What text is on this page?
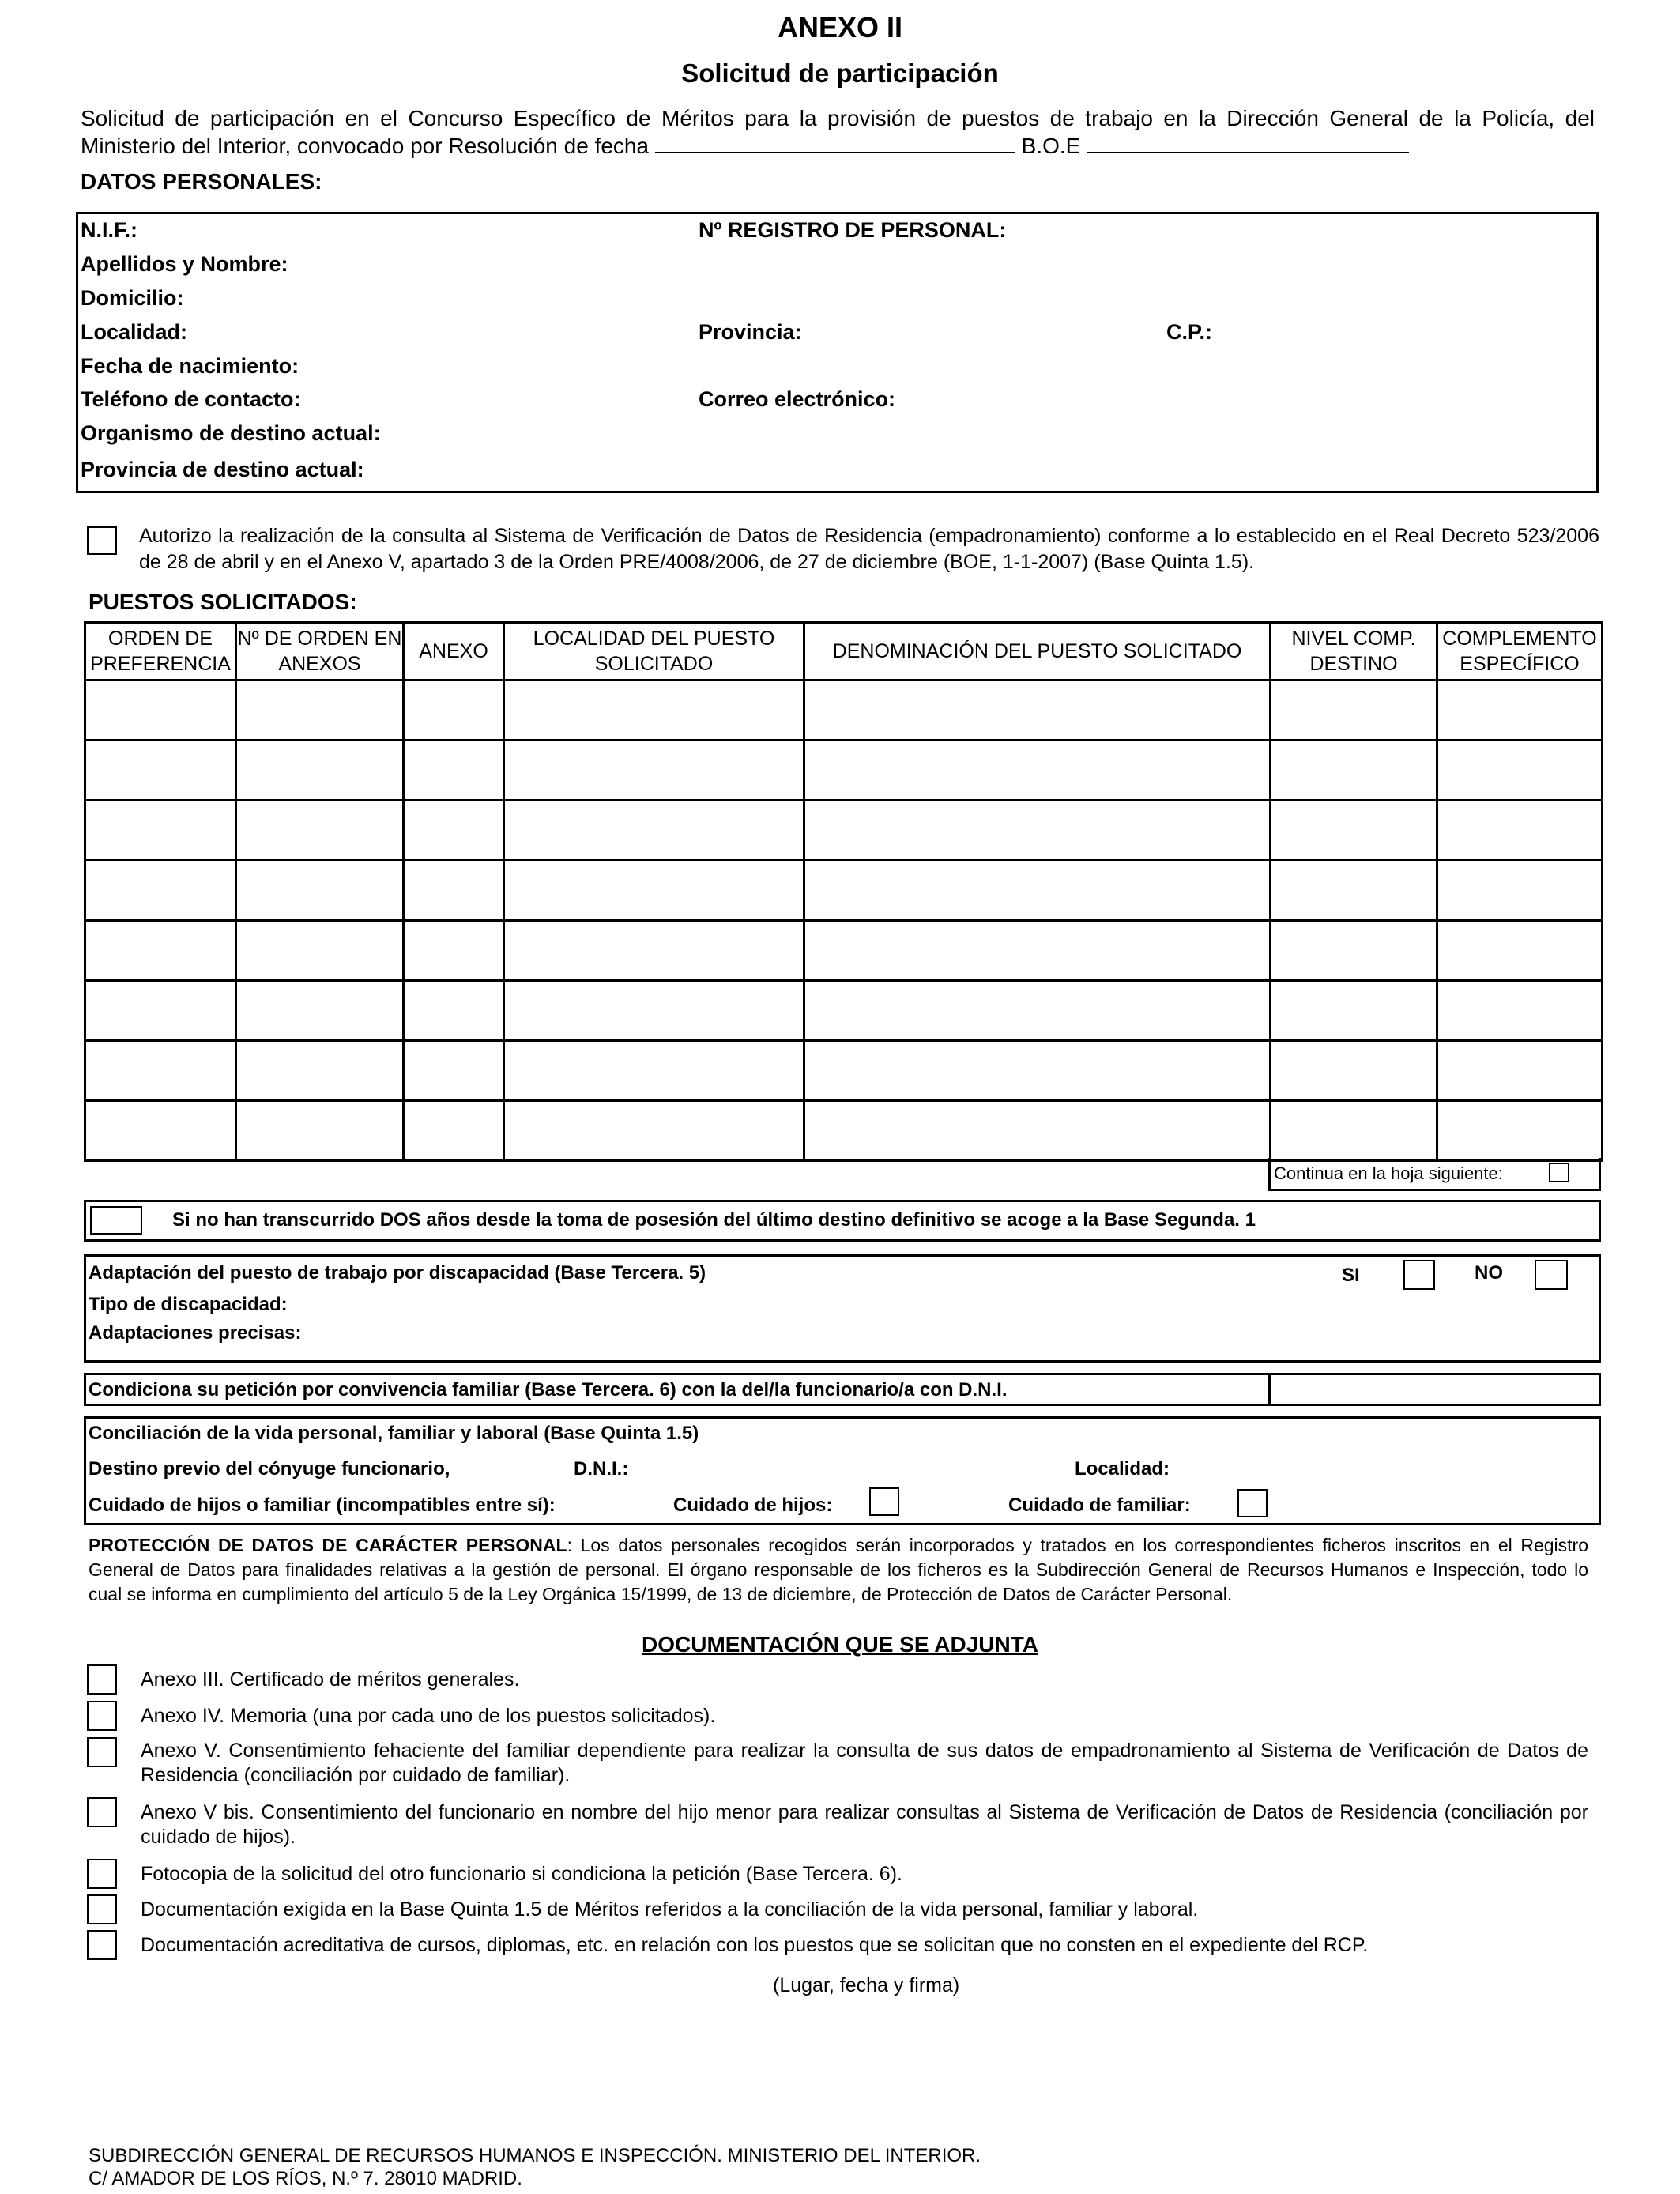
ANEXO II
Solicitud de participación
Solicitud de participación en el Concurso Específico de Méritos para la provisión de puestos de trabajo en la Dirección General de la Policía, del
Ministerio del Interior, convocado por Resolución de fecha	B.O.E
DATOS PERSONALES:
N.I.F.:	Nº REGISTRO DE PERSONAL:
Apellidos y Nombre:
Domicilio:
Localidad:	Provincia:	C.P.:
Fecha de nacimiento:
Teléfono de contacto:	Correo electrónico:
Organismo de destino actual:
Provincia de destino actual:
Autorizo la realización de la consulta al Sistema de Verificación de Datos de Residencia (empadronamiento) conforme a lo establecido en el Real Decreto 523/2006
de 28 de abril y en el Anexo V, apartado 3 de la Orden PRE/4008/2006, de 27 de diciembre (BOE, 1-1-2007) (Base Quinta 1.5).
PUESTOS SOLICITADOS:
ORDEN DE PREFERENCIA	Nº DE ORDEN EN ANEXOS	ANEXO	LOCALIDAD DEL PUESTO SOLICITADO	DENOMINACIÓN DEL PUESTO SOLICITADO	NIVEL COMP. DESTINO	COMPLEMENTO ESPECÍFICO

Continua en la hoja siguiente:
Si no han transcurrido DOS años desde la toma de posesión del último destino definitivo se acoge a la Base Segunda. 1
Adaptación del puesto de trabajo por discapacidad (Base Tercera. 5)	SI	NO
Tipo de discapacidad:
Adaptaciones precisas:
Condiciona su petición por convivencia familiar (Base Tercera. 6) con la del/la funcionario/a con D.N.I.
Conciliación de la vida personal, familiar y laboral (Base Quinta 1.5)
Destino previo del cónyuge funcionario,	D.N.I.:	Localidad:
Cuidado de hijos o familiar (incompatibles entre sí):	Cuidado de hijos:	Cuidado de familiar:
PROTECCIÓN DE DATOS DE CARÁCTER PERSONAL: Los datos personales recogidos serán incorporados y tratados en los correspondientes ficheros inscritos en el Registro
General de Datos para finalidades relativas a la gestión de personal. El órgano responsable de los ficheros es la Subdirección General de Recursos Humanos e Inspección, todo lo
cual se informa en cumplimiento del artículo 5 de la Ley Orgánica 15/1999, de 13 de diciembre, de Protección de Datos de Carácter Personal.
DOCUMENTACIÓN QUE SE ADJUNTA
Anexo III. Certificado de méritos generales.
Anexo IV. Memoria (una por cada uno de los puestos solicitados).
Anexo V. Consentimiento fehaciente del familiar dependiente para realizar la consulta de sus datos de empadronamiento al Sistema de Verificación de Datos de Residencia (conciliación por cuidado de familiar).
Anexo V bis. Consentimiento del funcionario en nombre del hijo menor para realizar consultas al Sistema de Verificación de Datos de Residencia (conciliación por cuidado de hijos).
Fotocopia de la solicitud del otro funcionario si condiciona la petición (Base Tercera. 6).
Documentación exigida en la Base Quinta 1.5 de Méritos referidos a la conciliación de la vida personal, familiar y laboral.
Documentación acreditativa de cursos, diplomas, etc. en relación con los puestos que se solicitan que no consten en el expediente del RCP.
(Lugar, fecha y firma)
SUBDIRECCIÓN GENERAL DE RECURSOS HUMANOS E INSPECCIÓN. MINISTERIO DEL INTERIOR.
C/ AMADOR DE LOS RÍOS, N.º 7. 28010 MADRID.
